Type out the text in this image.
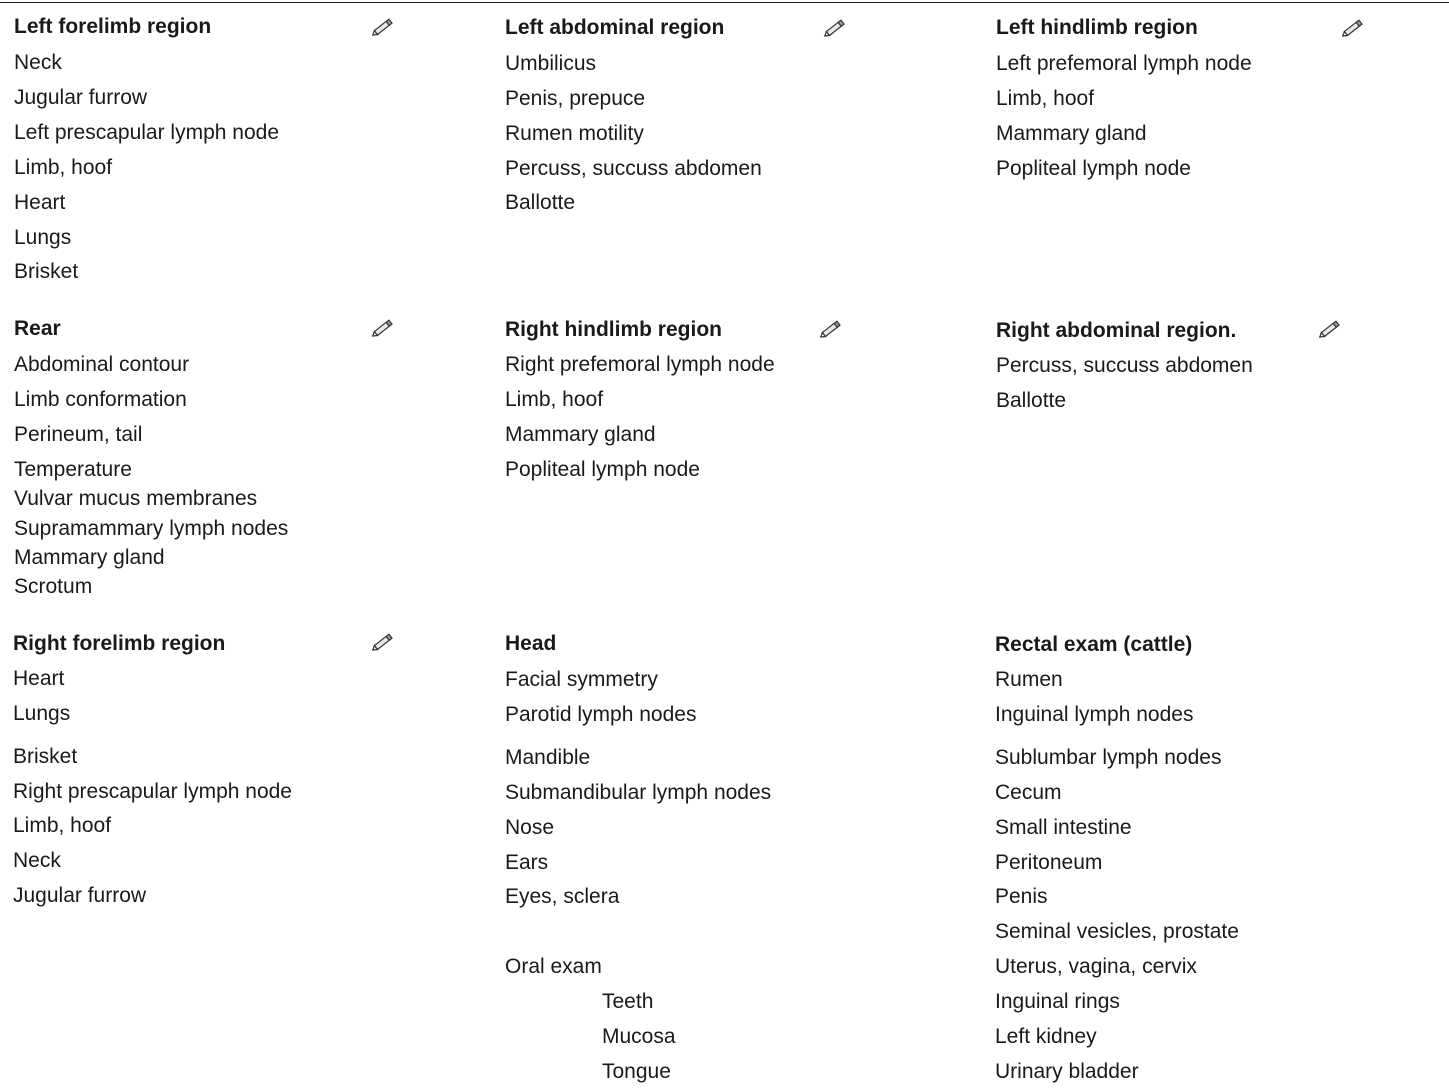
Left forelimb region
Neck
Jugular furrow
Left prescapular lymph node
Limb, hoof
Heart
Lungs
Brisket
Left abdominal region
Umbilicus
Penis, prepuce
Rumen motility
Percuss, succuss abdomen
Ballotte
Left hindlimb region
Left prefemoral lymph node
Limb, hoof
Mammary gland
Popliteal lymph node
Rear
Abdominal contour
Limb conformation
Perineum, tail
Temperature
Vulvar mucus membranes
Supramammary lymph nodes
Mammary gland
Scrotum
Right hindlimb region
Right prefemoral lymph node
Limb, hoof
Mammary gland
Popliteal lymph node
Right abdominal region.
Percuss, succuss abdomen
Ballotte
Right forelimb region
Heart
Lungs
Brisket
Right prescapular lymph node
Limb, hoof
Neck
Jugular furrow
Head
Facial symmetry
Parotid lymph nodes
Mandible
Submandibular lymph nodes
Nose
Ears
Eyes, sclera
Oral exam
Teeth
Mucosa
Tongue
Rectal exam (cattle)
Rumen
Inguinal lymph nodes
Sublumbar lymph nodes
Cecum
Small intestine
Peritoneum
Penis
Seminal vesicles, prostate
Uterus, vagina, cervix
Inguinal rings
Left kidney
Urinary bladder
